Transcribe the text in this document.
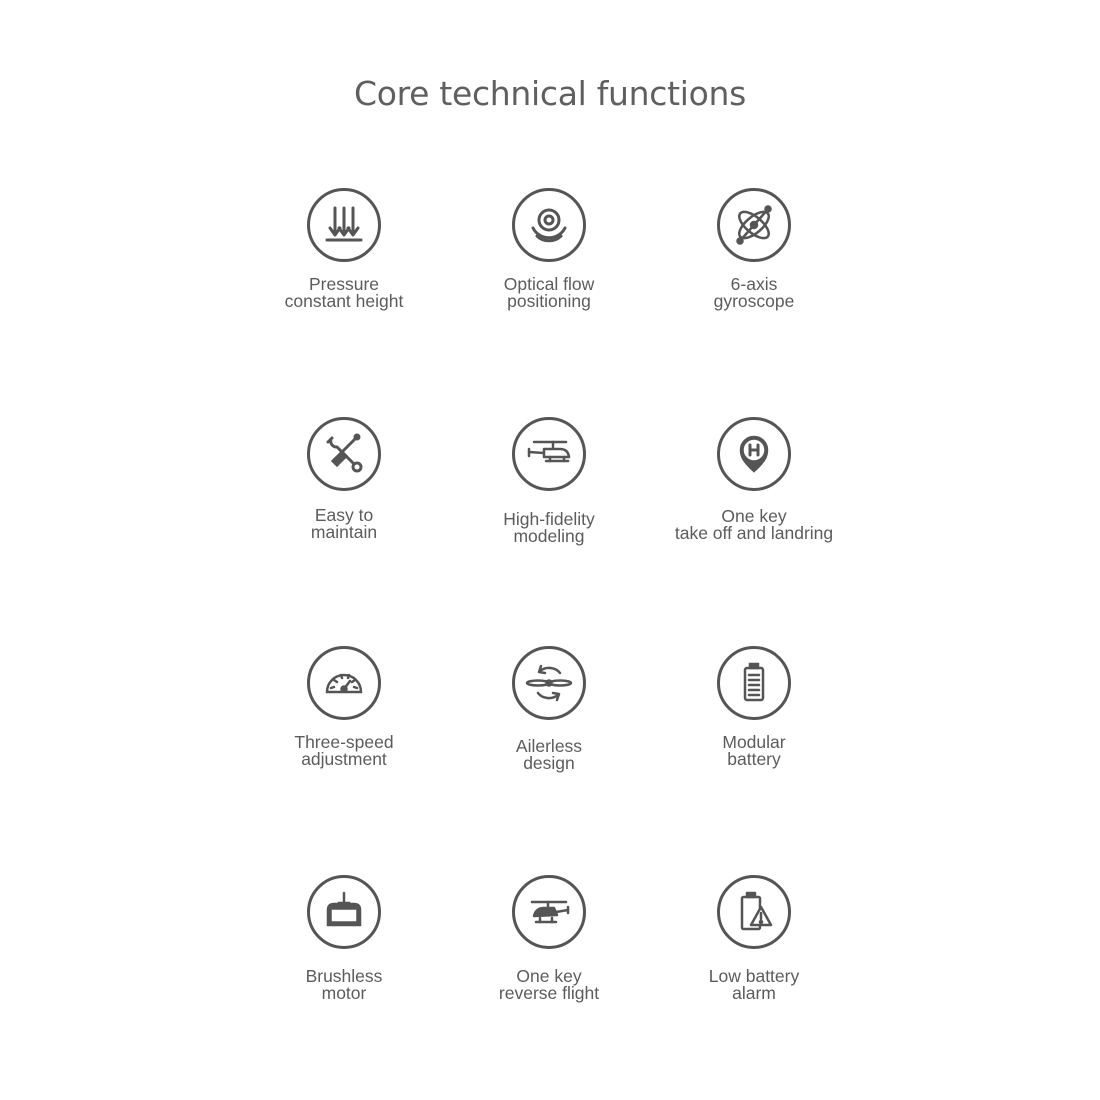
Core technical functions
Pressure
constant height
Optical flow
positioning
6-axis
gyroscope
Easy to
maintain
High-fidelity
modeling
One key
take off and landring
Three-speed
adjustment
Ailerless
design
Modular
battery
Brushless
motor
One key
reverse flight
Low battery
alarm
